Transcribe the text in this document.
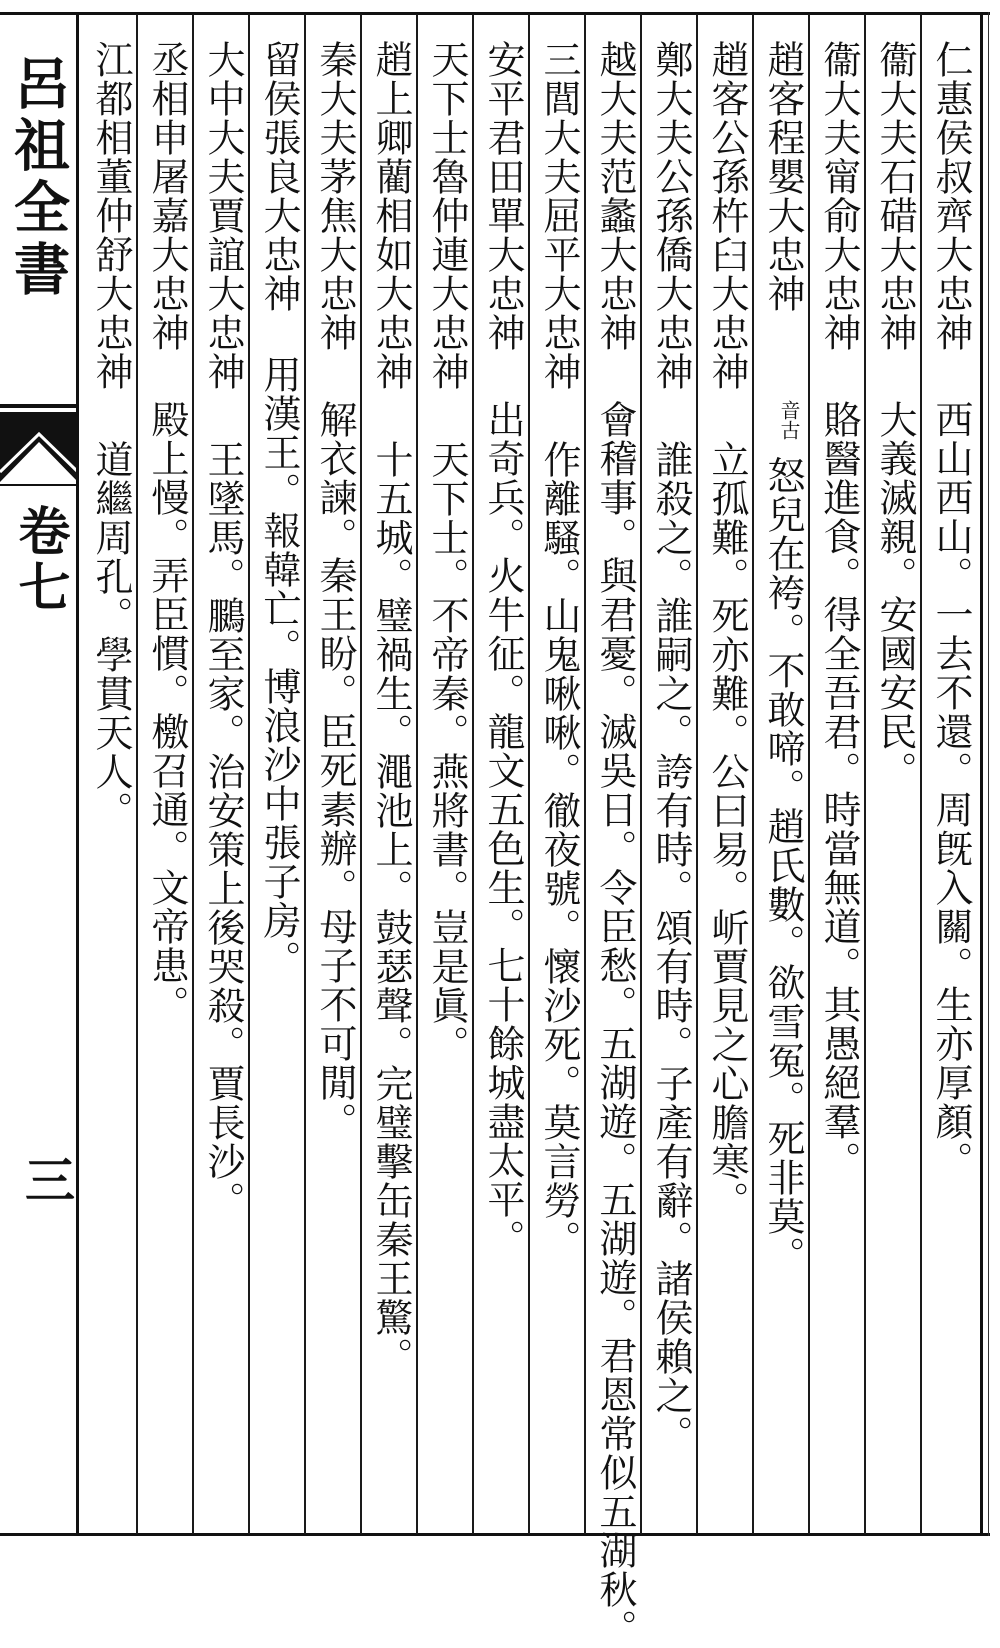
呂祖全書
卷七
三
仁惠侯叔齊大忠神
西山西山。一去不還。周旣入關。生亦厚顏。
衞大夫石碏大忠神
大義滅親。安國安民。
衞大夫甯俞大忠神
賂醫進食。得全吾君。時當無道。其愚絕羣。
趙客程嬰大忠神
音古
怒兒在袴。不敢啼。趙氏數。欲雪冤。死非莫。
趙客公孫杵臼大忠神
立孤難。死亦難。公曰易。岓賈見之心膽寒。
鄭大夫公孫僑大忠神
誰殺之。誰嗣之。誇有時。頌有時。子產有辭。諸侯賴之。
越大夫范蠡大忠神
會稽事。與君憂。滅吳日。令臣愁。五湖遊。五湖遊。君恩常似五湖秋。
三閭大夫屈平大忠神
作離騷。山鬼啾啾。徹夜號。懷沙死。莫言勞。
安平君田單大忠神
出奇兵。火牛征。龍文五色生。七十餘城盡太平。
天下士魯仲連大忠神
天下士。不帝秦。燕將書。豈是眞。
趙上卿藺相如大忠神
十五城。璧禍生。澠池上。鼓瑟聲。完璧擊缶秦王驚。
秦大夫茅焦大忠神
解衣諫。秦王盼。臣死素辦。母子不可閒。
留侯張良大忠神
用漢王。報韓亡。博浪沙中張子房。
大中大夫賈誼大忠神
王墜馬。鵩至家。治安策上後哭殺。賈長沙。
丞相申屠嘉大忠神
殿上慢。弄臣慣。檄召通。文帝患。
江都相董仲舒大忠神
道繼周孔。學貫天人。
